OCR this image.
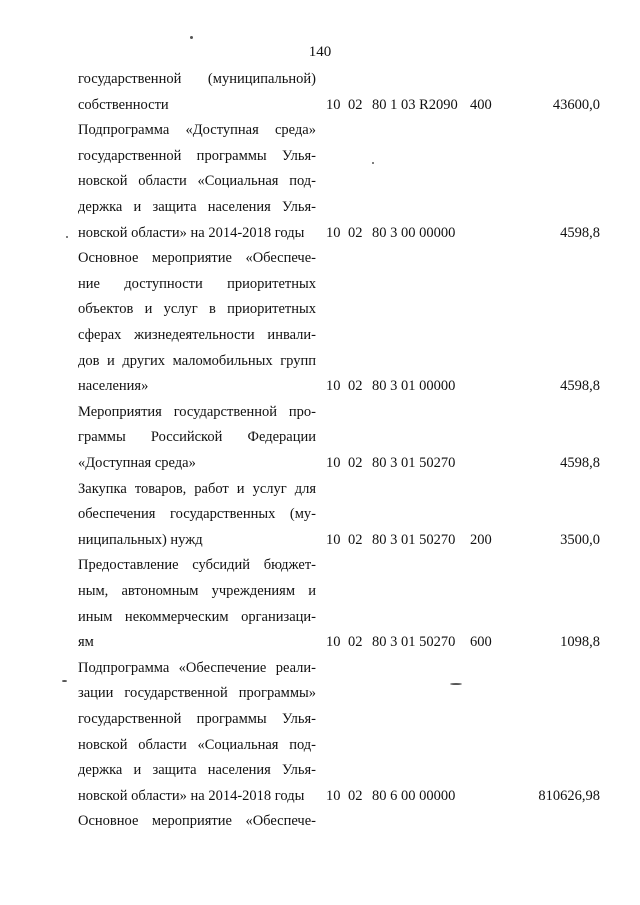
140
государственной (муниципальной)
собственности	10 02 80 1 03 R2090 400	43600,0
Подпрограмма «Доступная среда»
государственной программы Улья-
новской области «Социальная под-
держка и защита населения Улья-
новской области» на 2014-2018 годы	10 02 80 3 00 00000	4598,8
Основное мероприятие «Обеспече-
ние доступности приоритетных
объектов и услуг в приоритетных
сферах жизнедеятельности инвали-
дов и других маломобильных групп
населения»	10 02 80 3 01 00000	4598,8
Мероприятия государственной про-
граммы Российской Федерации
«Доступная среда»	10 02 80 3 01 50270	4598,8
Закупка товаров, работ и услуг для
обеспечения государственных (му-
ниципальных) нужд	10 02 80 3 01 50270 200	3500,0
Предоставление субсидий бюджет-
ным, автономным учреждениям и
иным некоммерческим организаци-
ям	10 02 80 3 01 50270 600	1098,8
Подпрограмма «Обеспечение реали-
зации государственной программы»
государственной программы Улья-
новской области «Социальная под-
держка и защита населения Улья-
новской области» на 2014-2018 годы	10 02 80 6 00 00000	810626,98
Основное мероприятие «Обеспече-
